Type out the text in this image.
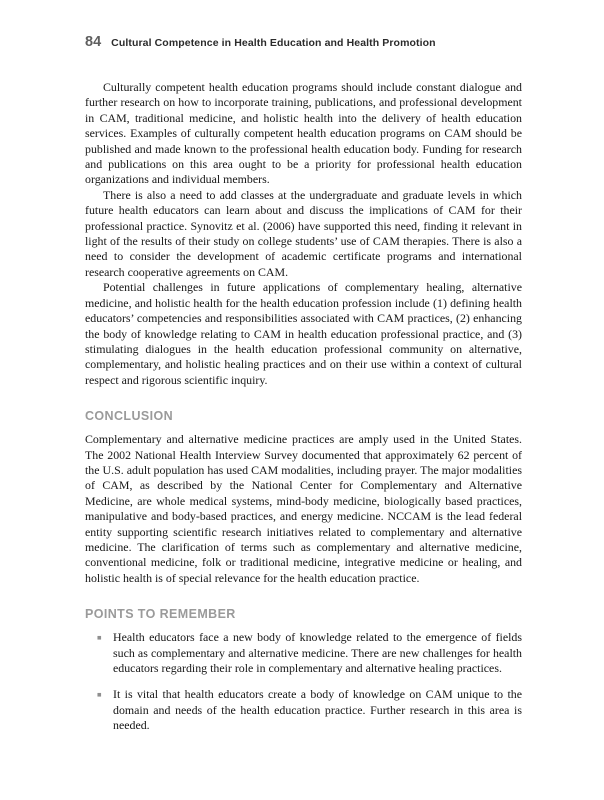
84 Cultural Competence in Health Education and Health Promotion

Culturally competent health education programs should include constant dialogue and further research on how to incorporate training, publications, and professional development in CAM, traditional medicine, and holistic health into the delivery of health education services. Examples of culturally competent health education programs on CAM should be published and made known to the professional health education body. Funding for research and publications on this area ought to be a priority for professional health education organizations and individual members.

There is also a need to add classes at the undergraduate and graduate levels in which future health educators can learn about and discuss the implications of CAM for their professional practice. Synovitz et al. (2006) have supported this need, finding it relevant in light of the results of their study on college students’ use of CAM therapies. There is also a need to consider the development of academic certificate programs and international research cooperative agreements on CAM.

Potential challenges in future applications of complementary healing, alternative medicine, and holistic health for the health education profession include (1) defining health educators’ competencies and responsibilities associated with CAM practices, (2) enhancing the body of knowledge relating to CAM in health education professional practice, and (3) stimulating dialogues in the health education professional community on alternative, complementary, and holistic healing practices and on their use within a context of cultural respect and rigorous scientific inquiry.

CONCLUSION

Complementary and alternative medicine practices are amply used in the United States. The 2002 National Health Interview Survey documented that approximately 62 percent of the U.S. adult population has used CAM modalities, including prayer. The major modalities of CAM, as described by the National Center for Complementary and Alternative Medicine, are whole medical systems, mind-body medicine, biologically based practices, manipulative and body-based practices, and energy medicine. NCCAM is the lead federal entity supporting scientific research initiatives related to complementary and alternative medicine. The clarification of terms such as complementary and alternative medicine, conventional medicine, folk or traditional medicine, integrative medicine or healing, and holistic health is of special relevance for the health education practice.

POINTS TO REMEMBER
■ Health educators face a new body of knowledge related to the emergence of fields such as complementary and alternative medicine. There are new challenges for health educators regarding their role in complementary and alternative healing practices.

■ It is vital that health educators create a body of knowledge on CAM unique to the domain and needs of the health education practice. Further research in this area is needed.
